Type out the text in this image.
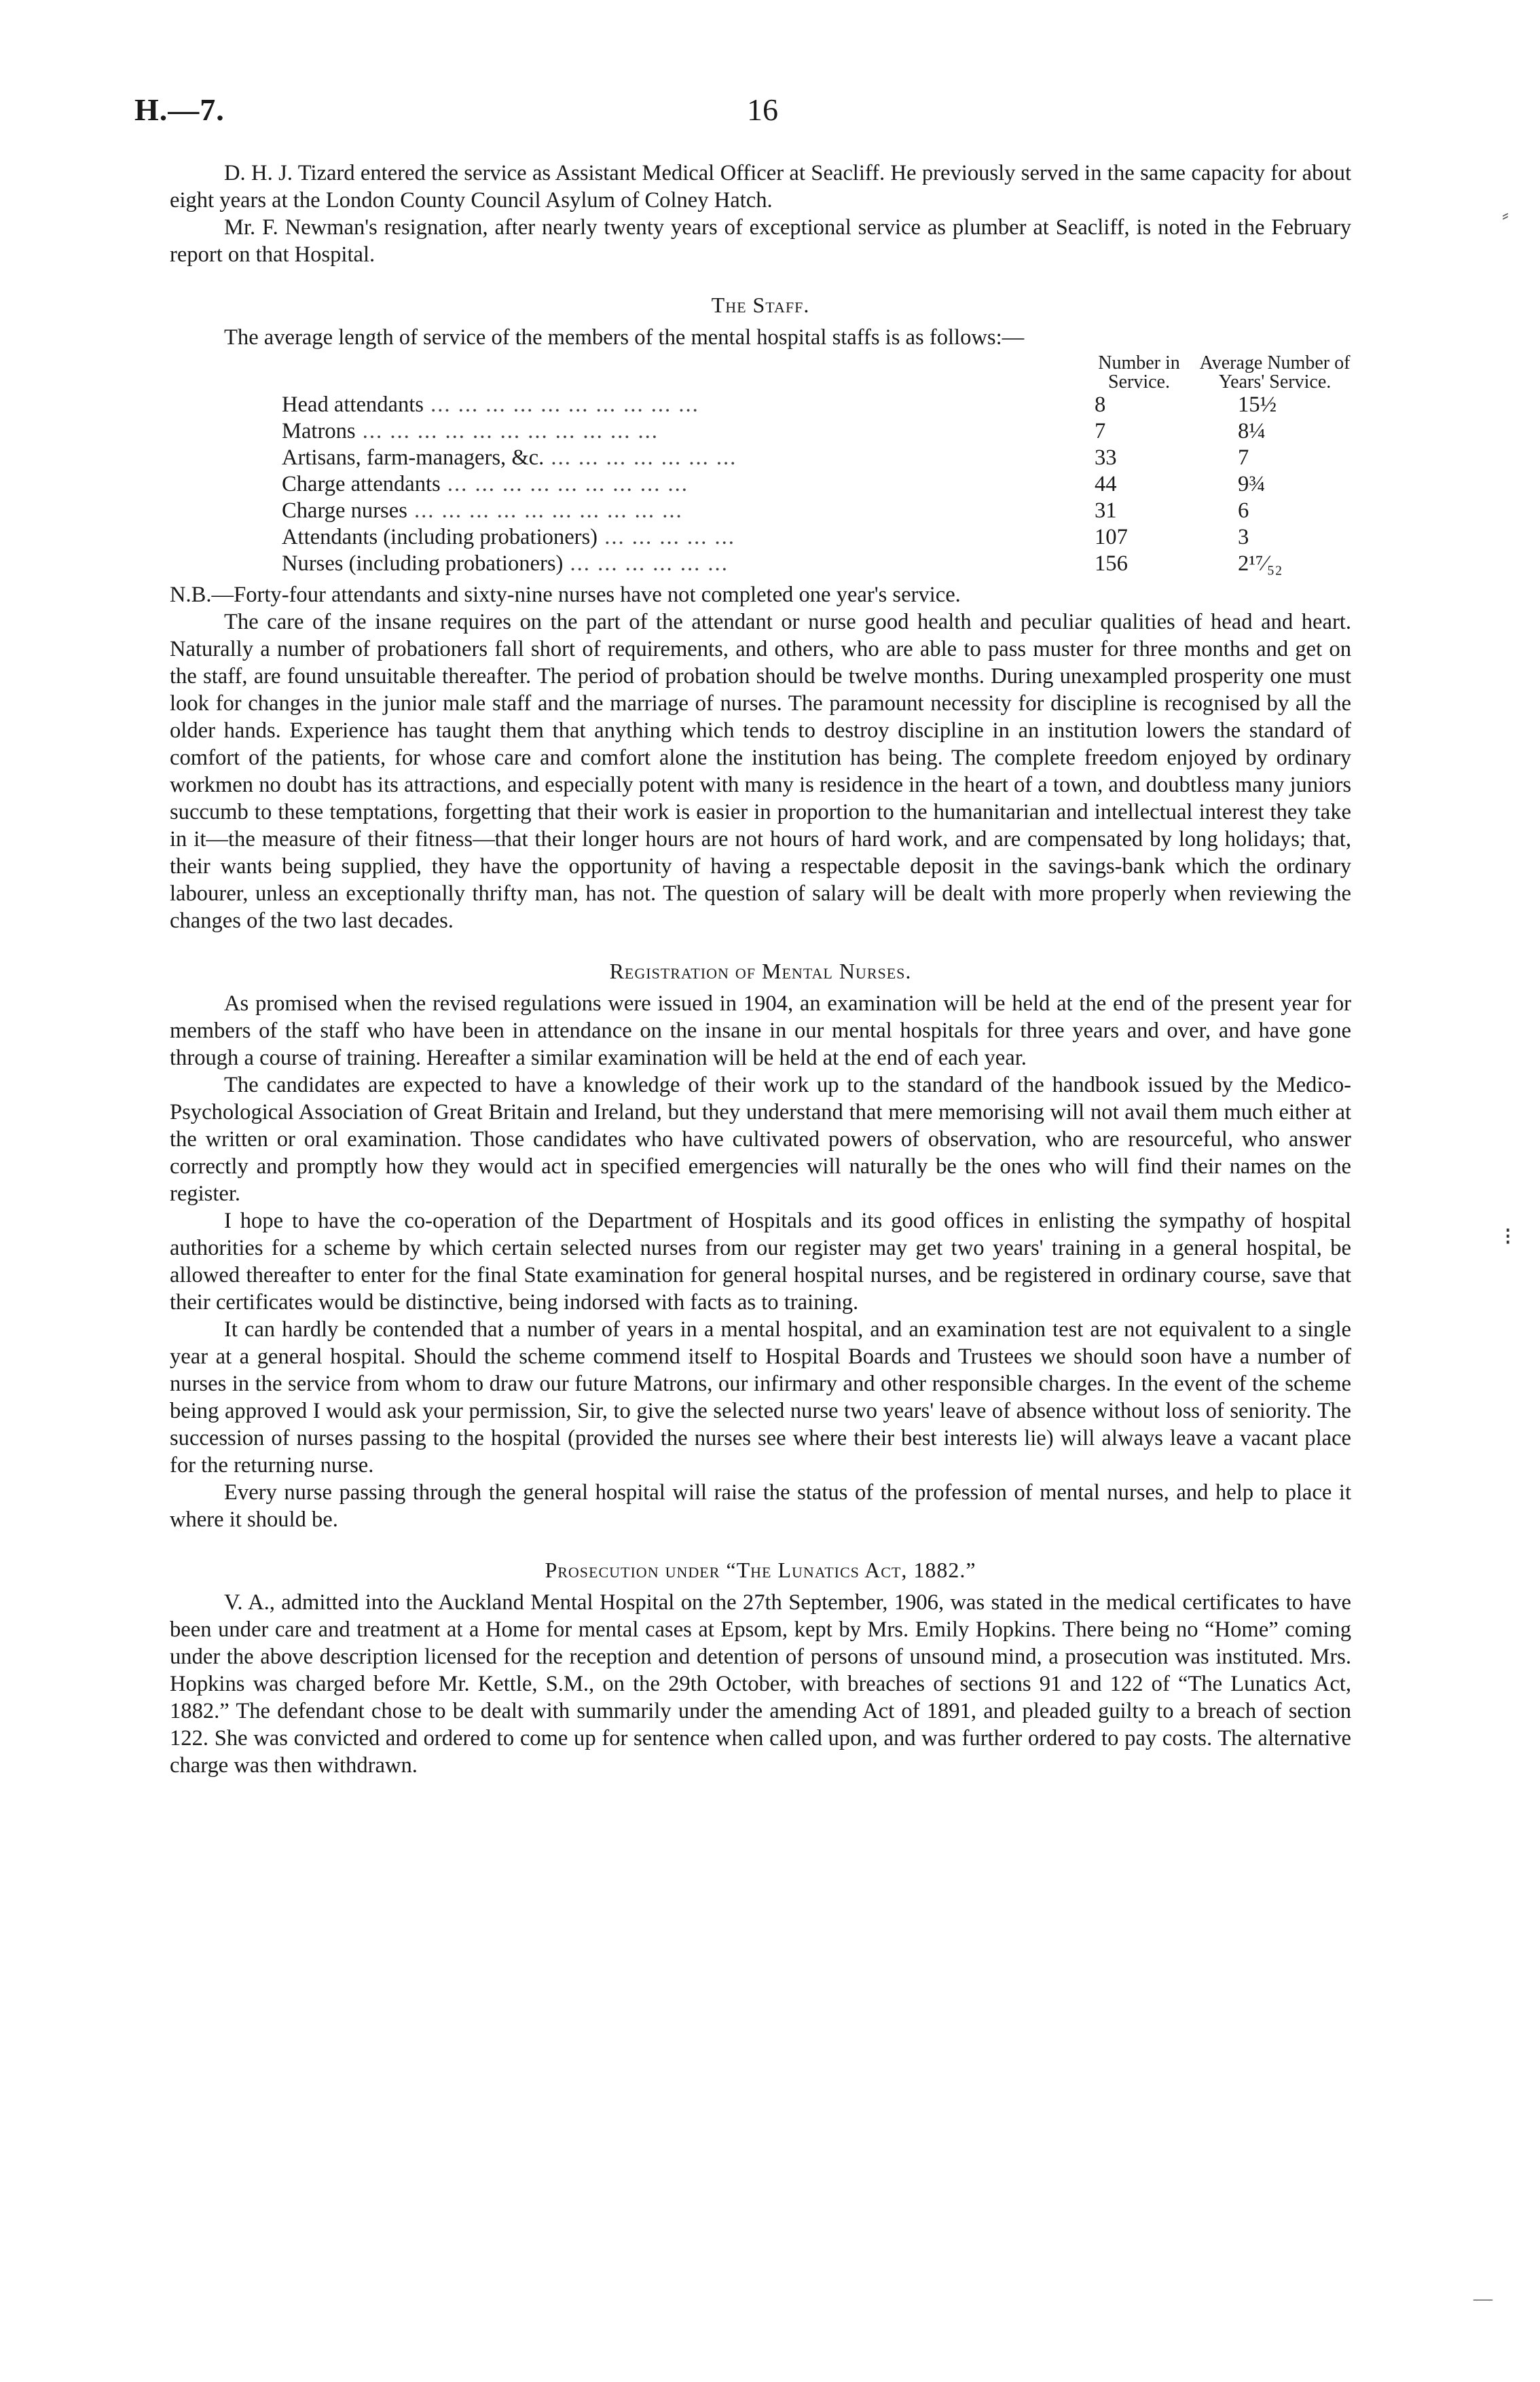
H.—7.	16

D. H. J. Tizard entered the service as Assistant Medical Officer at Seacliff. He previously served in the same capacity for about eight years at the London County Council Asylum of Colney Hatch.

Mr. F. Newman's resignation, after nearly twenty years of exceptional service as plumber at Seacliff, is noted in the February report on that Hospital.

The Staff.

The average length of service of the members of the mental hospital staffs is as follows:—

Number in Service.
Average Number of Years' Service.
Head attendants ... ... ... ... ... ... ... ... ... ...	8	15½
Matrons ... ... ... ... ... ... ... ... ... ... ...	7	8¼
Artisans, farm-managers, &c. ... ... ... ... ... ... ...	33	7
Charge attendants ... ... ... ... ... ... ... ... ...	44	9¾
Charge nurses ... ... ... ... ... ... ... ... ... ...	31	6
Attendants (including probationers) ... ... ... ... ...	107	3
Nurses (including probationers) ... ... ... ... ... ...	156	2¹⁷⁄₅₂

N.B.—Forty-four attendants and sixty-nine nurses have not completed one year's service.

The care of the insane requires on the part of the attendant or nurse good health and peculiar qualities of head and heart. Naturally a number of probationers fall short of requirements, and others, who are able to pass muster for three months and get on the staff, are found unsuitable thereafter. The period of probation should be twelve months. During unexampled prosperity one must look for changes in the junior male staff and the marriage of nurses. The paramount necessity for discipline is recognised by all the older hands. Experience has taught them that anything which tends to destroy discipline in an institution lowers the standard of comfort of the patients, for whose care and comfort alone the institution has being. The complete freedom enjoyed by ordinary workmen no doubt has its attractions, and especially potent with many is residence in the heart of a town, and doubtless many juniors succumb to these temptations, forgetting that their work is easier in proportion to the humanitarian and intellectual interest they take in it—the measure of their fitness—that their longer hours are not hours of hard work, and are compensated by long holidays; that, their wants being supplied, they have the opportunity of having a respectable deposit in the savings-bank which the ordinary labourer, unless an exceptionally thrifty man, has not. The question of salary will be dealt with more properly when reviewing the changes of the two last decades.

Registration of Mental Nurses.

As promised when the revised regulations were issued in 1904, an examination will be held at the end of the present year for members of the staff who have been in attendance on the insane in our mental hospitals for three years and over, and have gone through a course of training. Hereafter a similar examination will be held at the end of each year.

The candidates are expected to have a knowledge of their work up to the standard of the handbook issued by the Medico-Psychological Association of Great Britain and Ireland, but they understand that mere memorising will not avail them much either at the written or oral examination. Those candidates who have cultivated powers of observation, who are resourceful, who answer correctly and promptly how they would act in specified emergencies will naturally be the ones who will find their names on the register.

I hope to have the co-operation of the Department of Hospitals and its good offices in enlisting the sympathy of hospital authorities for a scheme by which certain selected nurses from our register may get two years' training in a general hospital, be allowed thereafter to enter for the final State examination for general hospital nurses, and be registered in ordinary course, save that their certificates would be distinctive, being indorsed with facts as to training.

It can hardly be contended that a number of years in a mental hospital, and an examination test are not equivalent to a single year at a general hospital. Should the scheme commend itself to Hospital Boards and Trustees we should soon have a number of nurses in the service from whom to draw our future Matrons, our infirmary and other responsible charges. In the event of the scheme being approved I would ask your permission, Sir, to give the selected nurse two years' leave of absence without loss of seniority. The succession of nurses passing to the hospital (provided the nurses see where their best interests lie) will always leave a vacant place for the returning nurse.

Every nurse passing through the general hospital will raise the status of the profession of mental nurses, and help to place it where it should be.

Prosecution under “The Lunatics Act, 1882.”

V. A., admitted into the Auckland Mental Hospital on the 27th September, 1906, was stated in the medical certificates to have been under care and treatment at a Home for mental cases at Epsom, kept by Mrs. Emily Hopkins. There being no “Home” coming under the above description licensed for the reception and detention of persons of unsound mind, a prosecution was instituted. Mrs. Hopkins was charged before Mr. Kettle, S.M., on the 29th October, with breaches of sections 91 and 122 of “The Lunatics Act, 1882.” The defendant chose to be dealt with summarily under the amending Act of 1891, and pleaded guilty to a breach of section 122. She was convicted and ordered to come up for sentence when called upon, and was further ordered to pay costs. The alternative charge was then withdrawn.

⸗
⁝
—
